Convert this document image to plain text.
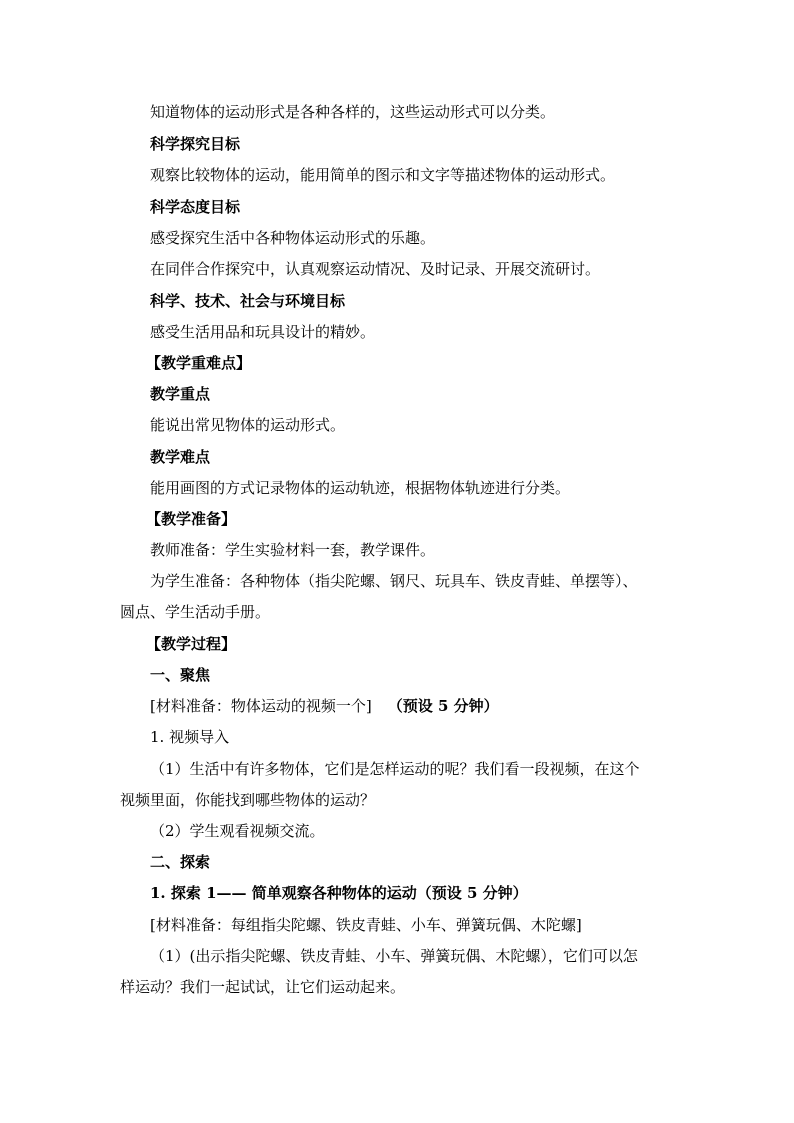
知道物体的运动形式是各种各样的，这些运动形式可以分类。
科学探究目标
观察比较物体的运动，能用简单的图示和文字等描述物体的运动形式。
科学态度目标
感受探究生活中各种物体运动形式的乐趣。
在同伴合作探究中，认真观察运动情况、及时记录、开展交流研讨。
科学、技术、社会与环境目标
感受生活用品和玩具设计的精妙。
【教学重难点】
教学重点
能说出常见物体的运动形式。
教学难点
能用画图的方式记录物体的运动轨迹，根据物体轨迹进行分类。
【教学准备】
教师准备：学生实验材料一套，教学课件。
为学生准备：各种物体（指尖陀螺、钢尺、玩具车、铁皮青蛙、单摆等）、
圆点、学生活动手册。
【教学过程】
一、聚焦
[材料准备：物体运动的视频一个] （预设 5 分钟）
1. 视频导入
（1）生活中有许多物体，它们是怎样运动的呢？我们看一段视频，在这个
视频里面，你能找到哪些物体的运动？
（2）学生观看视频交流。
二、探索
1. 探索 1—— 简单观察各种物体的运动（预设 5 分钟）
[材料准备：每组指尖陀螺、铁皮青蛙、小车、弹簧玩偶、木陀螺]
（1）(出示指尖陀螺、铁皮青蛙、小车、弹簧玩偶、木陀螺），它们可以怎
样运动？我们一起试试，让它们运动起来。
